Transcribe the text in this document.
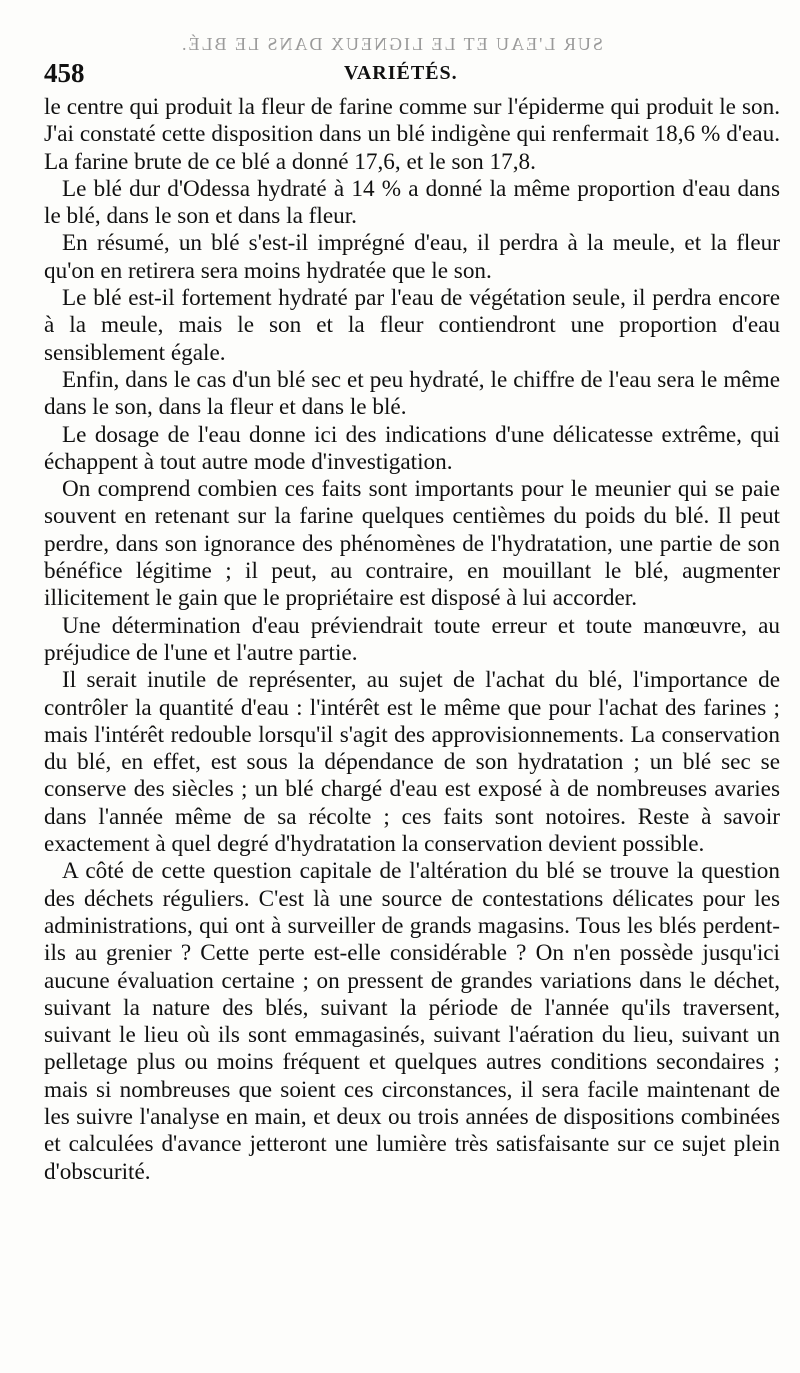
SUR L'EAU ET LE LIGNEUX DANS LE BLÉ.
458	VARIÉTÉS.

le centre qui produit la fleur de farine comme sur l'épiderme qui produit le son. J'ai constaté cette disposition dans un blé indigène qui renfermait 18,6 % d'eau. La farine brute de ce blé a donné 17,6, et le son 17,8.

Le blé dur d'Odessa hydraté à 14 % a donné la même proportion d'eau dans le blé, dans le son et dans la fleur.

En résumé, un blé s'est-il imprégné d'eau, il perdra à la meule, et la fleur qu'on en retirera sera moins hydratée que le son.

Le blé est-il fortement hydraté par l'eau de végétation seule, il perdra encore à la meule, mais le son et la fleur contiendront une proportion d'eau sensiblement égale.

Enfin, dans le cas d'un blé sec et peu hydraté, le chiffre de l'eau sera le même dans le son, dans la fleur et dans le blé.

Le dosage de l'eau donne ici des indications d'une délicatesse extrême, qui échappent à tout autre mode d'investigation.

On comprend combien ces faits sont importants pour le meunier qui se paie souvent en retenant sur la farine quelques centièmes du poids du blé. Il peut perdre, dans son ignorance des phénomènes de l'hydratation, une partie de son bénéfice légitime ; il peut, au contraire, en mouillant le blé, augmenter illicitement le gain que le propriétaire est disposé à lui accorder.

Une détermination d'eau préviendrait toute erreur et toute manœuvre, au préjudice de l'une et l'autre partie.

Il serait inutile de représenter, au sujet de l'achat du blé, l'importance de contrôler la quantité d'eau : l'intérêt est le même que pour l'achat des farines ; mais l'intérêt redouble lorsqu'il s'agit des approvisionnements. La conservation du blé, en effet, est sous la dépendance de son hydratation ; un blé sec se conserve des siècles ; un blé chargé d'eau est exposé à de nombreuses avaries dans l'année même de sa récolte ; ces faits sont notoires. Reste à savoir exactement à quel degré d'hydratation la conservation devient possible.

A côté de cette question capitale de l'altération du blé se trouve la question des déchets réguliers. C'est là une source de contestations délicates pour les administrations, qui ont à surveiller de grands magasins. Tous les blés perdent-ils au grenier ? Cette perte est-elle considérable ? On n'en possède jusqu'ici aucune évaluation certaine ; on pressent de grandes variations dans le déchet, suivant la nature des blés, suivant la période de l'année qu'ils traversent, suivant le lieu où ils sont emmagasinés, suivant l'aération du lieu, suivant un pelletage plus ou moins fréquent et quelques autres conditions secondaires ; mais si nombreuses que soient ces circonstances, il sera facile maintenant de les suivre l'analyse en main, et deux ou trois années de dispositions combinées et calculées d'avance jetteront une lumière très satisfaisante sur ce sujet plein d'obscurité.
